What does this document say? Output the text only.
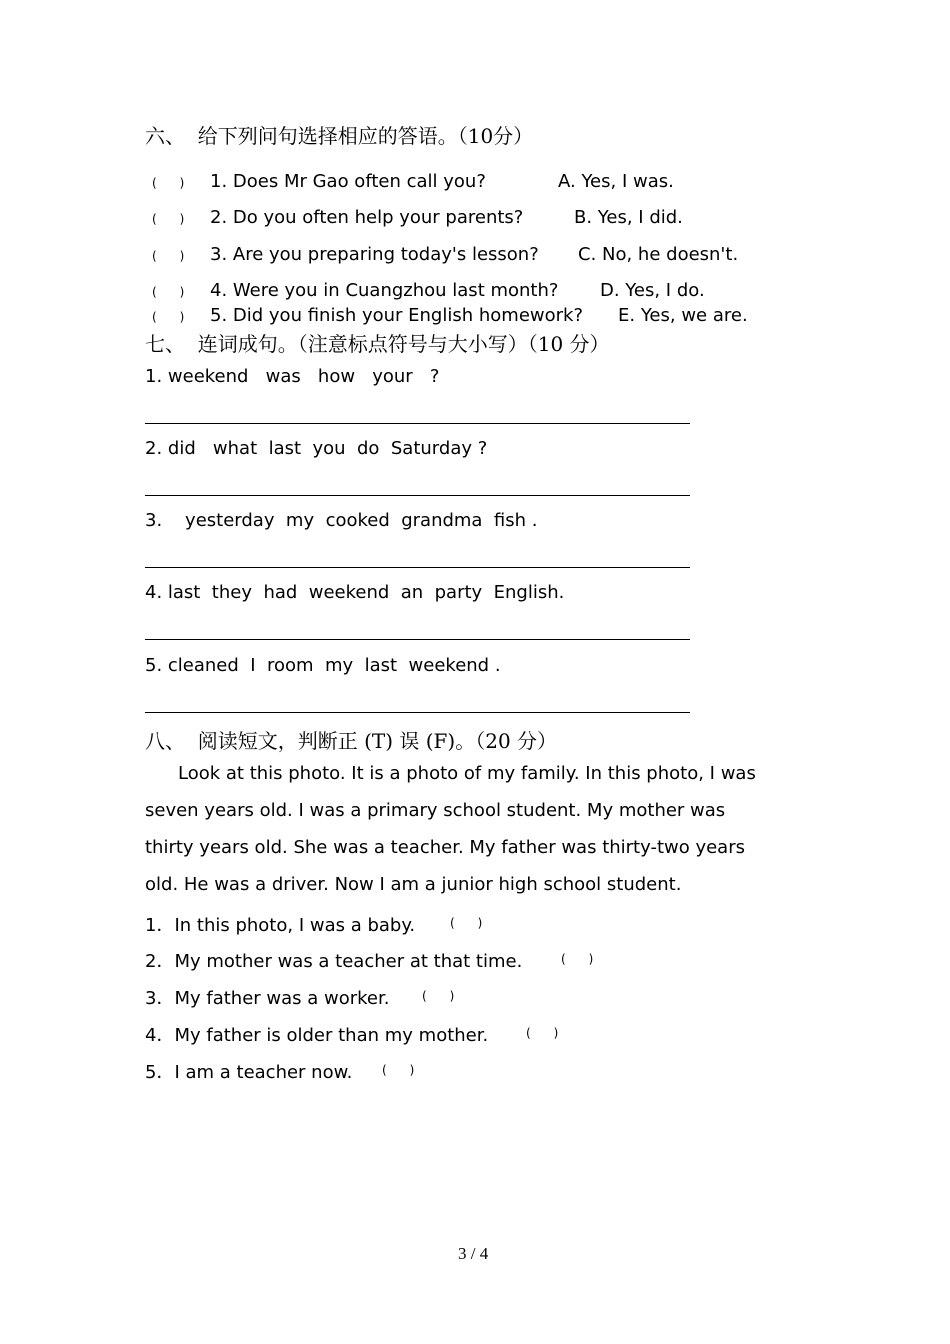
六、  给下列问句选择相应的答语。（10分）
(      ) 1. Does Mr Gao often call you?	A. Yes, I was.
(      ) 2. Do you often help your parents?	B. Yes, I did.
(      ) 3. Are you preparing today's lesson? C. No, he doesn't.
(      ) 4. Were you in Cuangzhou last month? D. Yes, I do.
(      ) 5. Did you finish your English homework? E. Yes, we are.
七、  连词成句。（注意标点符号与大小写）（10 分）
1. weekend   was   how   your   ?
2. did   what  last  you  do  Saturday ?
3.    yesterday  my  cooked  grandma  fish .
4. last  they  had  weekend  an  party  English.
5. cleaned  I  room  my  last  weekend .
八、  阅读短文，判断正 (T) 误 (F)。（20 分）
Look at this photo. It is a photo of my family. In this photo, I was
seven years old. I was a primary school student. My mother was
thirty years old. She was a teacher. My father was thirty-two years
old. He was a driver. Now I am a junior high school student.
1．In this photo, I was a baby.	(      )
2．My mother was a teacher at that time.	(      )
3．My father was a worker.	(      )
4．My father is older than my mother.	(      )
5．I am a teacher now. (      )
3 / 4
